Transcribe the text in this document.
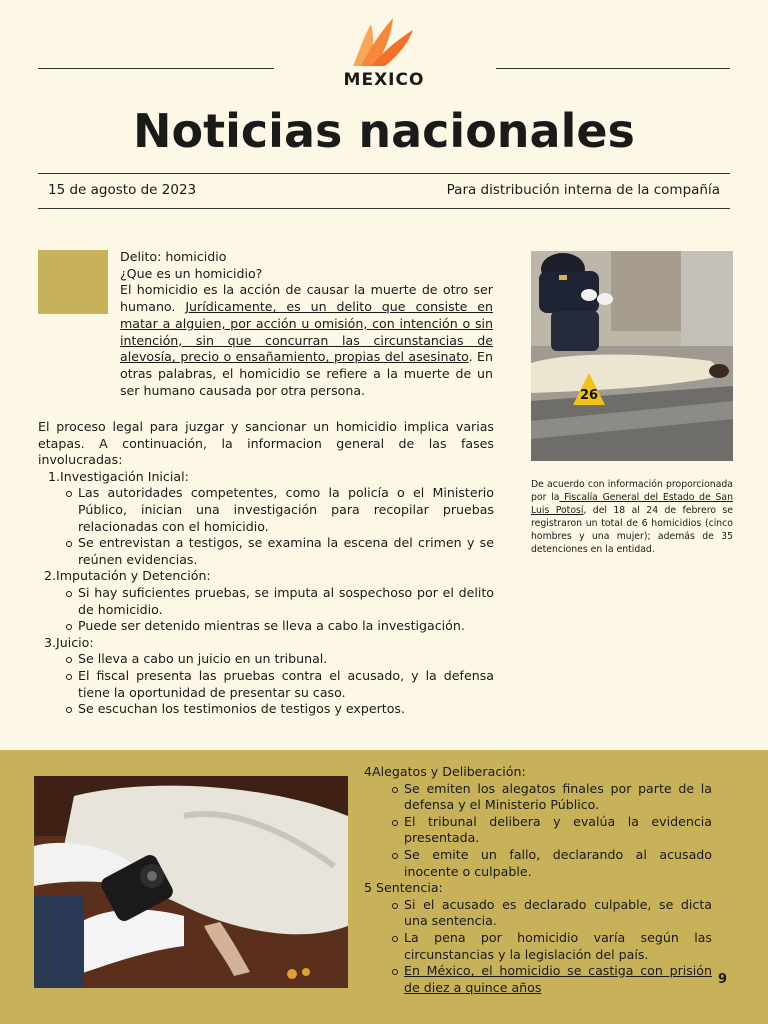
MEXICO
Noticias nacionales
15 de agosto de 2023	Para distribución interna de la compañía

Delito: homicidio

¿Que es un homicidio?

El homicidio es la acción de causar la muerte de otro ser humano. Jurídicamente, es un delito que consiste en matar a alguien, por acción u omisión, con intención o sin intención, sin que concurran las circunstancias de alevosía, precio o ensañamiento, propias del asesinato. En otras palabras, el homicidio se refiere a la muerte de un ser humano causada por otra persona.

El proceso legal para juzgar y sancionar un homicidio implica varias etapas. A continuación, la informacion general de las fases involucradas:

1.Investigación Inicial:

Las autoridades competentes, como la policía o el Ministerio Público, inician una investigación para recopilar pruebas relacionadas con el homicidio.
Se entrevistan a testigos, se examina la escena del crimen y se reúnen evidencias.

2.Imputación y Detención:

Si hay suficientes pruebas, se imputa al sospechoso por el delito de homicidio.
Puede ser detenido mientras se lleva a cabo la investigación.

3.Juicio:

Se lleva a cabo un juicio en un tribunal.
El fiscal presenta las pruebas contra el acusado, y la defensa tiene la oportunidad de presentar su caso.
Se escuchan los testimonios de testigos y expertos.
26
De acuerdo con información proporcionada por la Fiscalía General del Estado de San Luis Potosí, del 18 al 24 de febrero se registraron un total de 6 homicidios (cinco hombres y una mujer); además de 35 detenciones en la entidad.

4Alegatos y Deliberación:

Se emiten los alegatos finales por parte de la defensa y el Ministerio Público.
El tribunal delibera y evalúa la evidencia presentada.
Se emite un fallo, declarando al acusado inocente o culpable.

5 Sentencia:

Si el acusado es declarado culpable, se dicta una sentencia.
La pena por homicidio varía según las circunstancias y la legislación del país.
En México, el homicidio se castiga con prisión de diez a quince años
9
